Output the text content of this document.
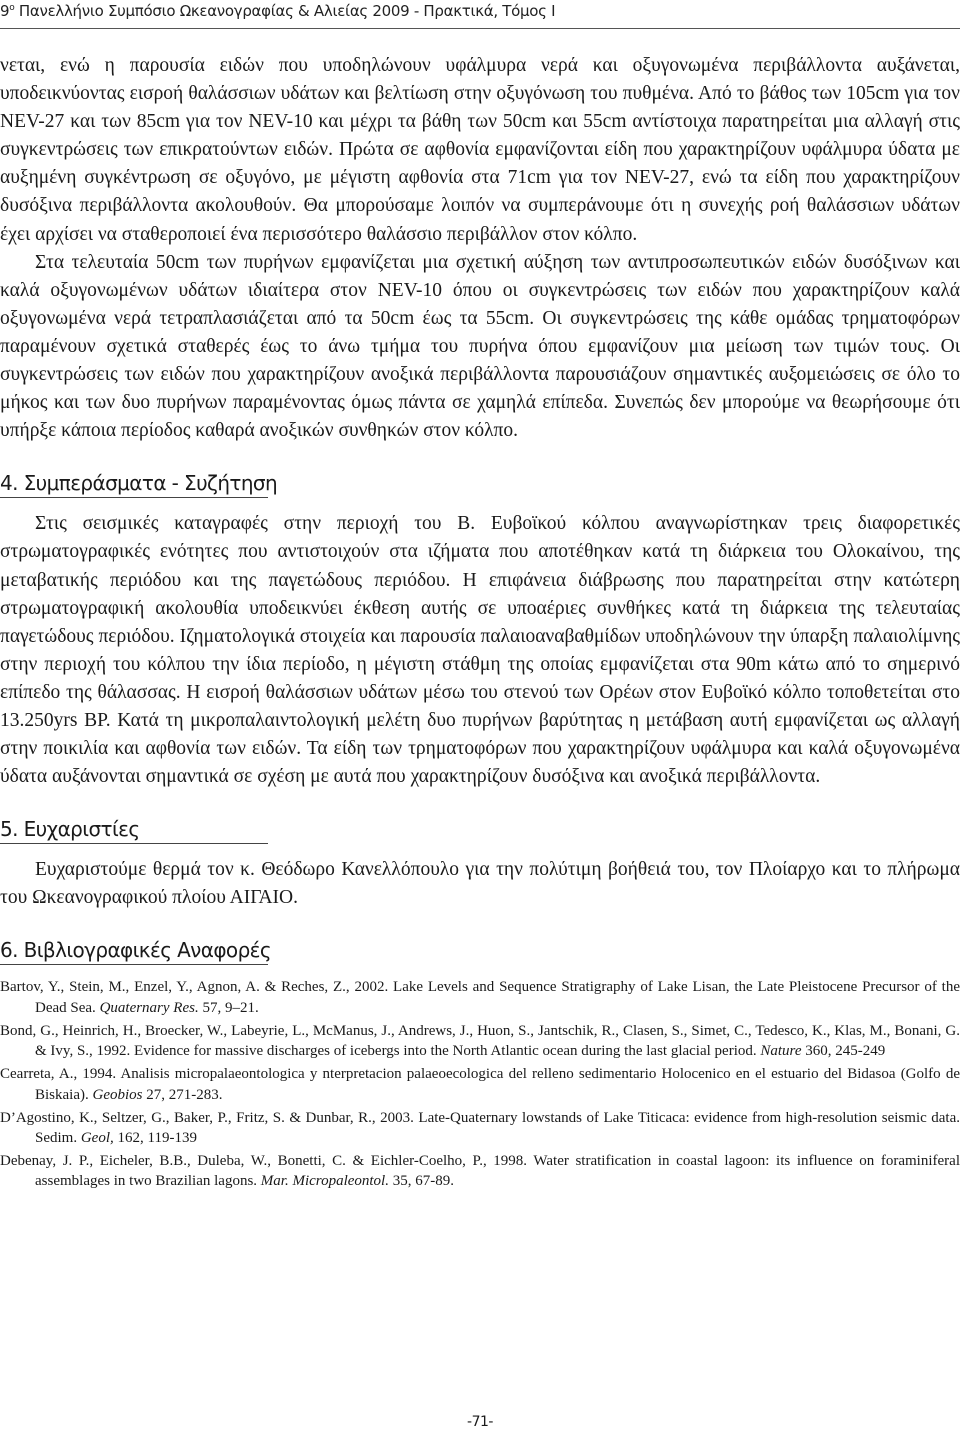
$9^o$ Πανελλήνιο Συμπόσιο Ωκεανογραφίας & Αλιείας 2009 - Πρακτικά, Τόμος I

νεται, ενώ η παρουσία ειδών που υποδηλώνουν υφάλμυρα νερά και οξυγονωμένα περιβάλλοντα αυξάνεται, υποδεικνύοντας εισροή θαλάσσιων υδάτων και βελτίωση στην οξυγόνωση του πυθμένα. Από το βάθος των 105cm για τον NEV-27 και των 85cm για τον NEV-10 και μέχρι τα βάθη των 50cm και 55cm αντίστοιχα παρατηρείται μια αλλαγή στις συγκεντρώσεις των επικρατούντων ειδών. Πρώτα σε αφθονία εμφανίζονται είδη που χαρακτηρίζουν υφάλμυρα ύδατα με αυξημένη συγκέντρωση σε οξυγόνο, με μέγιστη αφθονία στα 71cm για τον NEV-27, ενώ τα είδη που χαρακτηρίζουν δυσόξινα περιβάλλοντα ακολουθούν. Θα μπορούσαμε λοιπόν να συμπεράνουμε ότι η συνεχής ροή θαλάσσιων υδάτων έχει αρχίσει να σταθεροποιεί ένα περισσότερο θαλάσσιο περιβάλλον στον κόλπο.

Στα τελευταία 50cm των πυρήνων εμφανίζεται μια σχετική αύξηση των αντιπροσωπευτικών ειδών δυσόξινων και καλά οξυγονωμένων υδάτων ιδιαίτερα στον NEV-10 όπου οι συγκεντρώσεις των ειδών που χαρακτηρίζουν καλά οξυγονωμένα νερά τετραπλασιάζεται από τα 50cm έως τα 55cm. Οι συγκεντρώσεις της κάθε ομάδας τρηματοφόρων παραμένουν σχετικά σταθερές έως το άνω τμήμα του πυρήνα όπου εμφανίζουν μια μείωση των τιμών τους. Οι συγκεντρώσεις των ειδών που χαρακτηρίζουν ανοξικά περιβάλλοντα παρουσιάζουν σημαντικές αυξομειώσεις σε όλο το μήκος και των δυο πυρήνων παραμένοντας όμως πάντα σε χαμηλά επίπεδα. Συνεπώς δεν μπορούμε να θεωρήσουμε ότι υπήρξε κάποια περίοδος καθαρά ανοξικών συνθηκών στον κόλπο.

4. Συμπεράσματα - Συζήτηση

Στις σεισμικές καταγραφές στην περιοχή του Β. Ευβοϊκού κόλπου αναγνωρίστηκαν τρεις διαφορετικές στρωματογραφικές ενότητες που αντιστοιχούν στα ιζήματα που αποτέθηκαν κατά τη διάρκεια του Ολοκαίνου, της μεταβατικής περιόδου και της παγετώδους περιόδου. Η επιφάνεια διάβρωσης που παρατηρείται στην κατώτερη στρωματογραφική ακολουθία υποδεικνύει έκθεση αυτής σε υποαέριες συνθήκες κατά τη διάρκεια της τελευταίας παγετώδους περιόδου. Ιζηματολογικά στοιχεία και παρουσία παλαιοαναβαθμίδων υποδηλώνουν την ύπαρξη παλαιολίμνης στην περιοχή του κόλπου την ίδια περίοδο, η μέγιστη στάθμη της οποίας εμφανίζεται στα 90m κάτω από το σημερινό επίπεδο της θάλασσας. Η εισροή θαλάσσιων υδάτων μέσω του στενού των Ορέων στον Ευβοϊκό κόλπο τοποθετείται στο 13.250yrs BP. Κατά τη μικροπαλαιντολογική μελέτη δυο πυρήνων βαρύτητας η μετάβαση αυτή εμφανίζεται ως αλλαγή στην ποικιλία και αφθονία των ειδών. Τα είδη των τρηματοφόρων που χαρακτηρίζουν υφάλμυρα και καλά οξυγονωμένα ύδατα αυξάνονται σημαντικά σε σχέση με αυτά που χαρακτηρίζουν δυσόξινα και ανοξικά περιβάλλοντα.

5. Ευχαριστίες

Ευχαριστούμε θερμά τον κ. Θεόδωρο Κανελλόπουλο για την πολύτιμη βοήθειά του, τον Πλοίαρχο και το πλήρωμα του Ωκεανογραφικού πλοίου ΑΙΓΑΙΟ.

6. Βιβλιογραφικές Αναφορές

Bartov, Y., Stein, M., Enzel, Y., Agnon, A. & Reches, Z., 2002. Lake Levels and Sequence Stratigraphy of Lake Lisan, the Late Pleistocene Precursor of the Dead Sea. Quaternary Res. 57, 9–21.

Bond, G., Heinrich, H., Broecker, W., Labeyrie, L., McManus, J., Andrews, J., Huon, S., Jantschik, R., Clasen, S., Simet, C., Tedesco, K., Klas, M., Bonani, G. & Ivy, S., 1992. Evidence for massive discharges of icebergs into the North Atlantic ocean during the last glacial period. Nature 360, 245-249

Cearreta, A., 1994. Analisis micropalaeontologica y nterpretacion palaeoecologica del relleno sedimentario Holocenico en el estuario del Bidasoa (Golfo de Biskaia). Geobios 27, 271-283.

D’Agostino, K., Seltzer, G., Baker, P., Fritz, S. & Dunbar, R., 2003. Late-Quaternary lowstands of Lake Titicaca: evidence from high-resolution seismic data. Sedim. Geol, 162, 119-139

Debenay, J. P., Eicheler, B.B., Duleba, W., Bonetti, C. & Eichler-Coelho, P., 1998. Water stratification in coastal lagoon: its influence on foraminiferal assemblages in two Brazilian lagons. Mar. Micropaleontol. 35, 67-89.

-71-
